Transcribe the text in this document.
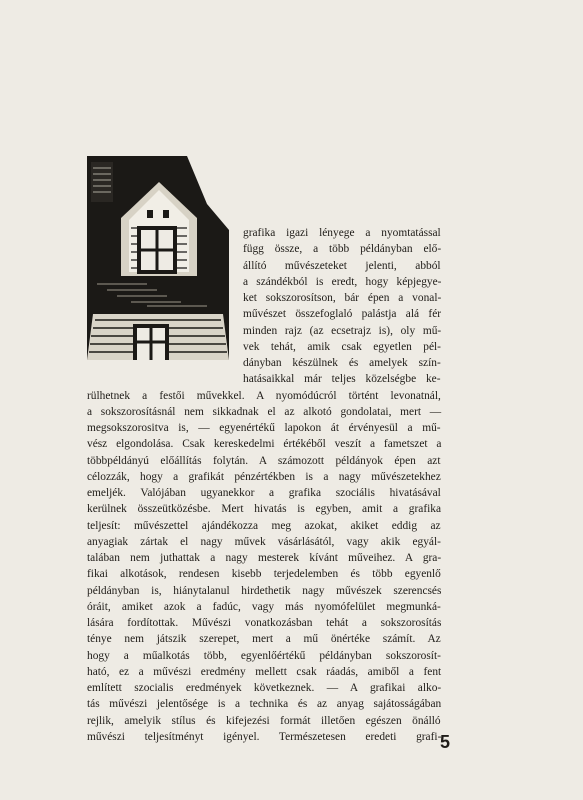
grafika igazi lényege a nyomtatással
függ össze, a több példányban elő-
állító művészeteket jelenti, abból
a szándékból is eredt, hogy képjegye-
ket sokszorosítson, bár épen a vonal-
művészet összefoglaló palástja alá fér
minden rajz (az ecsetrajz is), oly mű-
vek tehát, amik csak egyetlen pél-
dányban készülnek és amelyek szín-
hatásaikkal már teljes közelségbe ke-
rülhetnek a festői művekkel. A nyomódúcról történt levonatnál,
a sokszorosításnál nem sikkadnak el az alkotó gondolatai, mert —
megsokszorositva is, — egyenértékű lapokon át érvényesül a mű-
vész elgondolása. Csak kereskedelmi értékéből veszít a fametszet a
többpéldányú előállítás folytán. A számozott példányok épen azt
célozzák, hogy a grafikát pénzértékben is a nagy művészetekhez
emeljék. Valójában ugyanekkor a grafika szociális hivatásával
kerülnek összeütközésbe. Mert hivatás is egyben, amit a grafika
teljesít: művészettel ajándékozza meg azokat, akiket eddig az
anyagiak zártak el nagy művek vásárlásától, vagy akik egyál-
talában nem juthattak a nagy mesterek kívánt műveihez. A gra-
fikai alkotások, rendesen kisebb terjedelemben és több egyenlő
példányban is, hiánytalanul hirdethetik nagy művészek szerencsés
óráit, amiket azok a fadúc, vagy más nyomófelület megmunká-
lására fordítottak. Művészi vonatkozásban tehát a sokszorosítás
ténye nem játszik szerepet, mert a mű önértéke számít. Az
hogy a műalkotás több, egyenlőértékű példányban sokszorosít-
ható, ez a művészi eredmény mellett csak ráadás, amiből a fent
említett szocialis eredmények következnek. — A grafikai alko-
tás művészi jelentősége is a technika és az anyag sajátosságában
rejlik, amelyik stílus és kifejezési formát illetően egészen önálló
művészi teljesítményt igényel. Természetesen eredeti grafi-
5
